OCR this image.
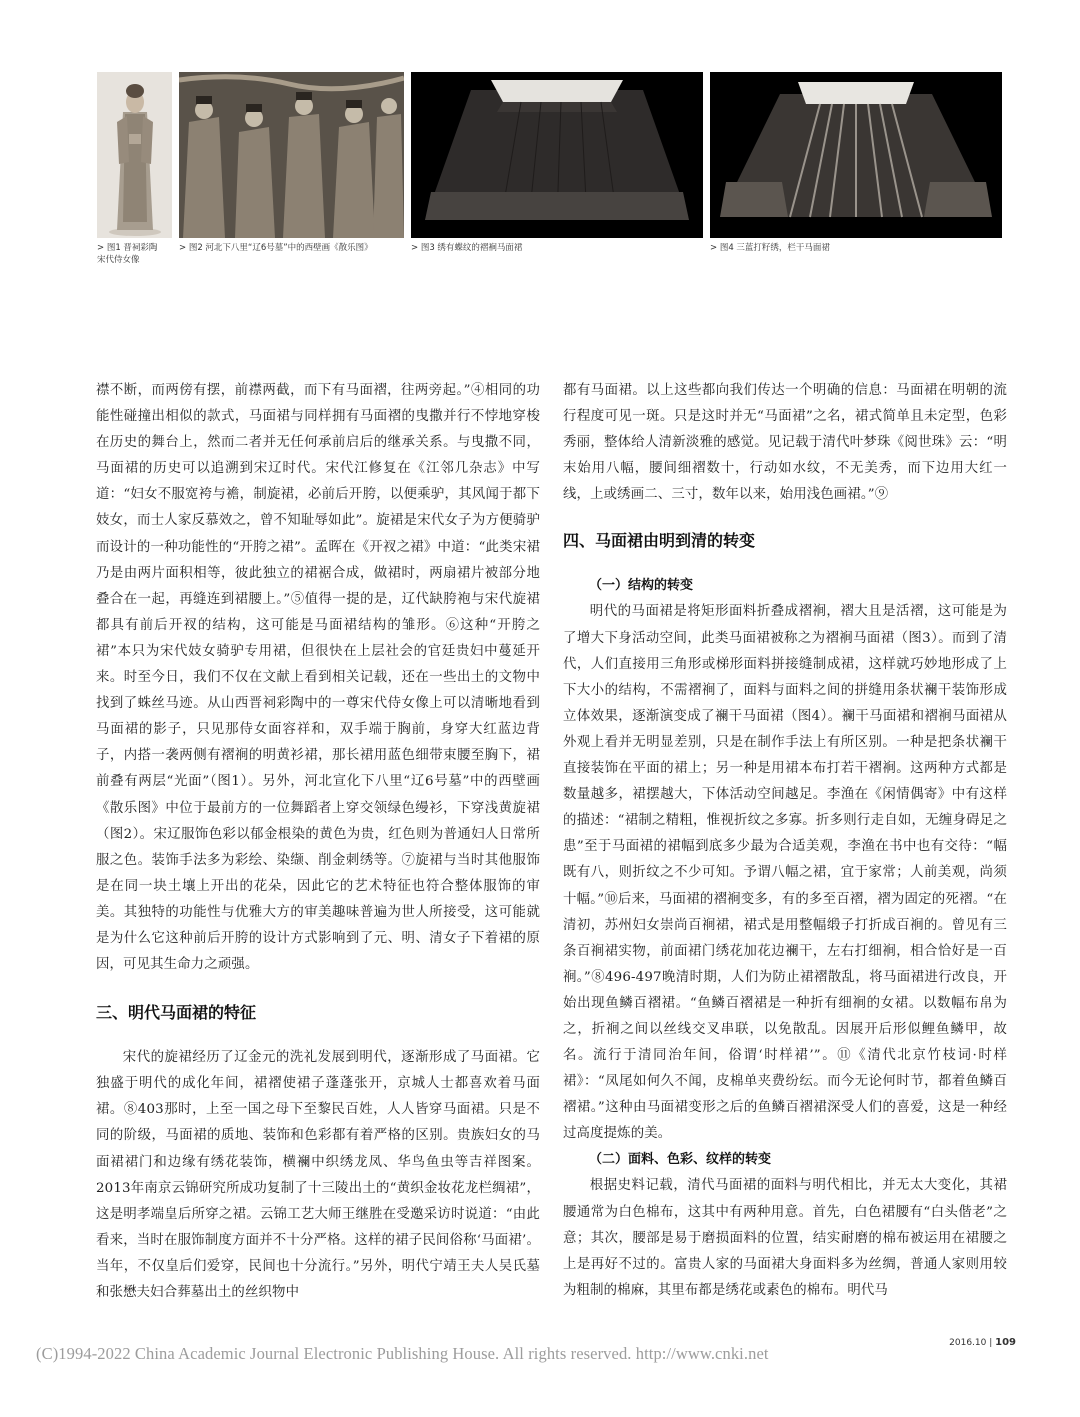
> 图1 晋祠彩陶
宋代侍女像
> 图2 河北下八里“辽6号墓”中的西壁画《散乐图》	> 图3 绣有蝶纹的褶裥马面裙	> 图4 三蓝打籽绣，栏干马面裙

襟不断，而两傍有摆，前襟两截，而下有马面褶，往两旁起。”④相同的功能性碰撞出相似的款式，马面裙与同样拥有马面褶的曳撒并行不悖地穿梭在历史的舞台上，然而二者并无任何承前启后的继承关系。与曳撒不同，马面裙的历史可以追溯到宋辽时代。宋代江修复在《江邻几杂志》中写道：“妇女不服宽袴与襜，制旋裙，必前后开胯，以便乘驴，其风闻于都下妓女，而士人家反慕效之，曾不知耻辱如此”。旋裙是宋代女子为方便骑驴而设计的一种功能性的“开胯之裙”。孟晖在《开衩之裙》中道：“此类宋裙乃是由两片面积相等，彼此独立的裙裾合成，做裙时，两扇裙片被部分地叠合在一起，再缝连到裙腰上。”⑤值得一提的是，辽代缺胯袍与宋代旋裙都具有前后开衩的结构，这可能是马面裙结构的雏形。⑥这种“开胯之裙”本只为宋代妓女骑驴专用裙，但很快在上层社会的官廷贵妇中蔓延开来。时至今日，我们不仅在文献上看到相关记载，还在一些出土的文物中找到了蛛丝马迹。从山西晋祠彩陶中的一尊宋代侍女像上可以清晰地看到马面裙的影子，只见那侍女面容祥和，双手端于胸前，身穿大红蓝边背子，内搭一袭两侧有褶裥的明黄衫裙，那长裙用蓝色细带束腰至胸下，裙前叠有两层“光面”（图1）。另外，河北宣化下八里“辽6号墓”中的西壁画《散乐图》中位于最前方的一位舞蹈者上穿交领绿色缦衫，下穿浅黄旋裙（图2）。宋辽服饰色彩以郁金根染的黄色为贵，红色则为普通妇人日常所服之色。装饰手法多为彩绘、染缬、削金刺绣等。⑦旋裙与当时其他服饰是在同一块土壤上开出的花朵，因此它的艺术特征也符合整体服饰的审美。其独特的功能性与优雅大方的审美趣味普遍为世人所接受，这可能就是为什么它这种前后开胯的设计方式影响到了元、明、清女子下着裙的原因，可见其生命力之顽强。

三、明代马面裙的特征

宋代的旋裙经历了辽金元的洗礼发展到明代，逐渐形成了马面裙。它独盛于明代的成化年间，裙褶使裙子蓬蓬张开，京城人士都喜欢着马面裙。⑧403那时，上至一国之母下至黎民百姓，人人皆穿马面裙。只是不同的阶级，马面裙的质地、装饰和色彩都有着严格的区别。贵族妇女的马面裙裙门和边缘有绣花装饰，横襕中织绣龙凤、华鸟鱼虫等吉祥图案。2013年南京云锦研究所成功复制了十三陵出土的“黄织金妆花龙栏绸裙”，这是明孝端皇后所穿之裙。云锦工艺大师王继胜在受邀采访时说道：“由此看来，当时在服饰制度方面并不十分严格。这样的裙子民间俗称‘马面裙’。当年，不仅皇后们爱穿，民间也十分流行。”另外，明代宁靖王夫人吴氏墓和张懋夫妇合葬墓出土的丝织物中

都有马面裙。以上这些都向我们传达一个明确的信息：马面裙在明朝的流行程度可见一斑。只是这时并无“马面裙”之名，裙式简单且未定型，色彩秀丽，整体给人清新淡雅的感觉。见记载于清代叶梦珠《阅世珠》云：“明末始用八幅，腰间细褶数十，行动如水纹，不无美秀，而下边用大红一线，上或绣画二、三寸，数年以来，始用浅色画裙。”⑨

四、马面裙由明到清的转变
（一）结构的转变

明代的马面裙是将矩形面料折叠成褶裥，褶大且是活褶，这可能是为了增大下身活动空间，此类马面裙被称之为褶裥马面裙（图3）。而到了清代，人们直接用三角形或梯形面料拼接缝制成裙，这样就巧妙地形成了上下大小的结构，不需褶裥了，面料与面料之间的拼缝用条状襕干装饰形成立体效果，逐渐演变成了襕干马面裙（图4）。襕干马面裙和褶裥马面裙从外观上看并无明显差别，只是在制作手法上有所区别。一种是把条状襕干直接装饰在平面的裙上；另一种是用裙本布打若干褶裥。这两种方式都是数量越多，裙摆越大，下体活动空间越足。李渔在《闲情偶寄》中有这样的描述：“裙制之精粗，惟视折纹之多寡。折多则行走自如，无缠身碍足之患”至于马面裙的裙幅到底多少最为合适美观，李渔在书中也有交待：“幅既有八，则折纹之不少可知。予谓八幅之裙，宜于家常；人前美观，尚须十幅。”⑩后来，马面裙的褶裥变多，有的多至百褶，褶为固定的死褶。“在清初，苏州妇女崇尚百裥裙，裙式是用整幅缎子打折成百裥的。曾见有三条百裥裙实物，前面裙门绣花加花边襕干，左右打细裥，相合恰好是一百裥。”⑧496-497晚清时期，人们为防止裙褶散乱，将马面裙进行改良，开始出现鱼鳞百褶裙。“鱼鳞百褶裙是一种折有细裥的女裙。以数幅布帛为之，折裥之间以丝线交叉串联，以免散乱。因展开后形似鲤鱼鳞甲，故名。流行于清同治年间，俗谓‘时样裙’”。⑪《清代北京竹枝词·时样裙》：“凤尾如何久不闻，皮棉单夹费纷纭。而今无论何时节，都着鱼鳞百褶裙。”这种由马面裙变形之后的鱼鳞百褶裙深受人们的喜爱，这是一种经过高度提炼的美。

（二）面料、色彩、纹样的转变

根据史料记载，清代马面裙的面料与明代相比，并无太大变化，其裙腰通常为白色棉布，这其中有两种用意。首先，白色裙腰有“白头偕老”之意；其次，腰部是易于磨损面料的位置，结实耐磨的棉布被运用在裙腰之上是再好不过的。富贵人家的马面裙大身面料多为丝绸，普通人家则用较为粗制的棉麻，其里布都是绣花或素色的棉布。明代马

2016.10 | 109
(C)1994-2022 China Academic Journal Electronic Publishing House. All rights reserved. http://www.cnki.net
